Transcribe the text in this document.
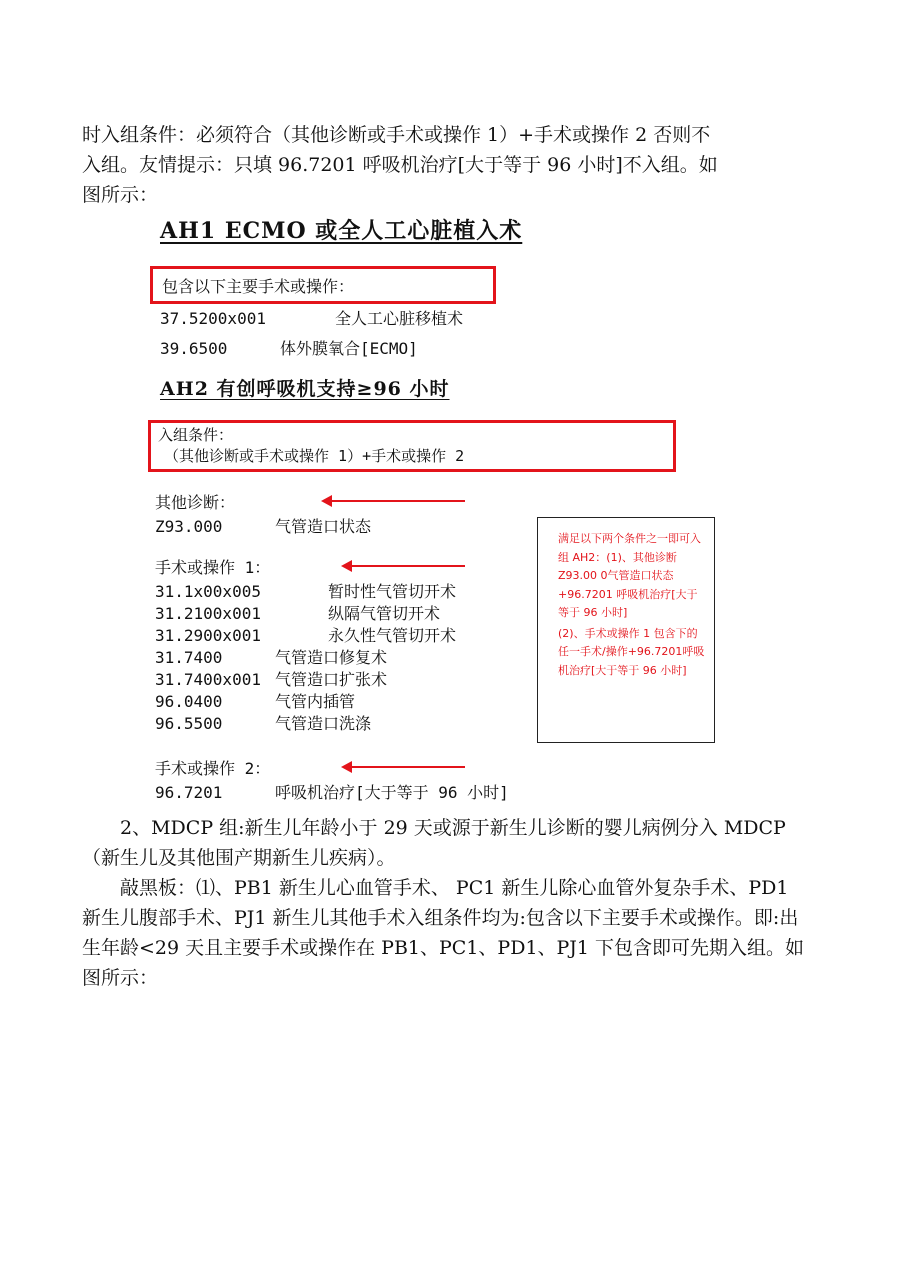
时入组条件：必须符合（其他诊断或手术或操作 1）+手术或操作 2 否则不

入组。友情提示：只填 96.7201 呼吸机治疗[大于等于 96 小时]不入组。如

图所示：

AH1 ECMO 或全人工心脏植入术
包含以下主要手术或操作：
37.5200x001	全人工心脏移植术
39.6500	体外膜氧合[ECMO]
AH2 有创呼吸机支持≥96 小时
入组条件：
（其他诊断或手术或操作 1）+手术或操作 2
其他诊断：
Z93.000	气管造口状态
手术或操作 1：
31.1x00x005	暂时性气管切开术
31.2100x001	纵隔气管切开术
31.2900x001	永久性气管切开术
31.7400	气管造口修复术
31.7400x001 气管造口扩张术
96.0400	气管内插管
96.5500	气管造口洗涤
手术或操作 2：
96.7201	呼吸机治疗[大于等于 96 小时]

满足以下两个条件之一即可入组 AH2：(1)、其他诊断 Z93.00 0气管造口状态+96.7201 呼吸机治疗[大于等于 96 小时]

(2)、手术或操作 1 包含下的任一手术/操作+96.7201呼吸机治疗[大于等于 96 小时]

2、MDCP 组:新生儿年龄小于 29 天或源于新生儿诊断的婴儿病例分入 MDCP（新生儿及其他围产期新生儿疾病）。

敲黑板：⑴、PB1 新生儿心血管手术、 PC1 新生儿除心血管外复杂手术、PD1 新生儿腹部手术、PJ1 新生儿其他手术入组条件均为:包含以下主要手术或操作。即:出生年龄<29 天且主要手术或操作在 PB1、PC1、PD1、PJ1 下包含即可先期入组。如图所示：
